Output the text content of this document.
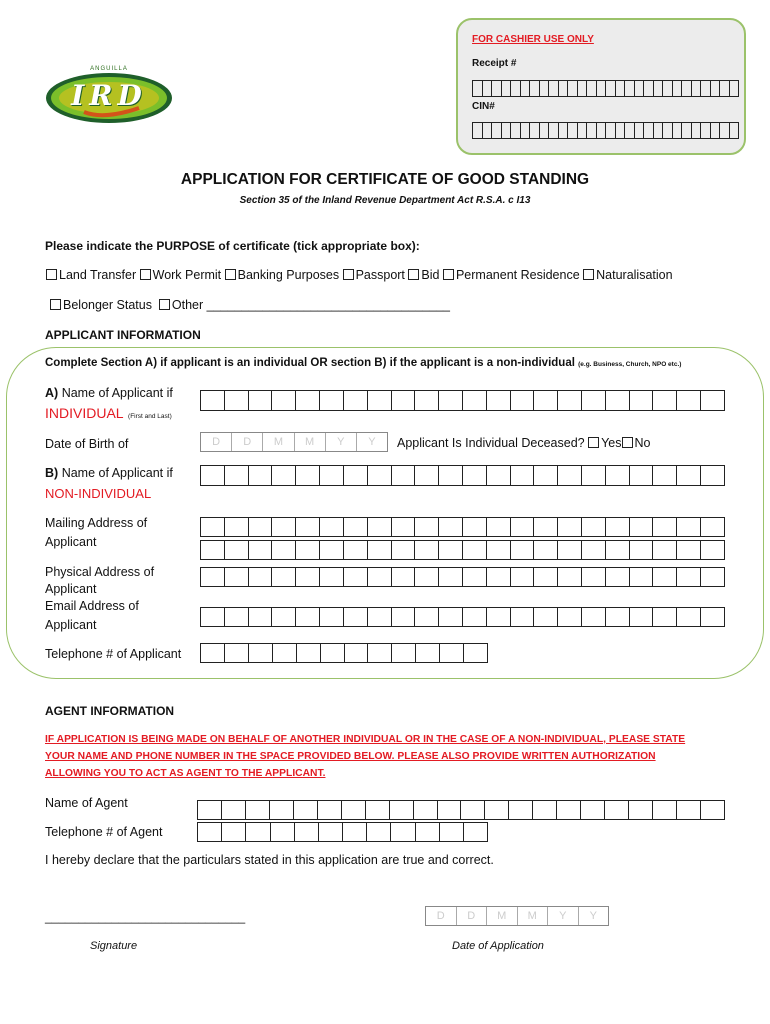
FOR CASHIER USE ONLY
Receipt #
CIN#
IRD
ANGUILLA
APPLICATION FOR CERTIFICATE OF GOOD STANDING
Section 35 of the Inland Revenue Department Act R.S.A. c I13
Please indicate the PURPOSE of certificate (tick appropriate box):
Land Transfer Work Permit Banking Purposes Passport Bid Permanent Residence Naturalisation
Belonger Status Other ___________________________________
APPLICANT INFORMATION
Complete Section A) if applicant is an individual OR section B) if the applicant is a non-individual (e.g. Business, Church, NPO etc.)
A) Name of Applicant if
INDIVIDUAL (First and Last)
Date of Birth of	D	D	M	M	Y	Y	Applicant Is Individual Deceased? Yes No
B) Name of Applicant if
NON-INDIVIDUAL
Mailing Address of
Applicant
Physical Address of
Applicant
Email Address of
Applicant
Telephone # of Applicant
AGENT INFORMATION
IF APPLICATION IS BEING MADE ON BEHALF OF ANOTHER INDIVIDUAL OR IN THE CASE OF A NON-INDIVIDUAL, PLEASE STATE
YOUR NAME AND PHONE NUMBER IN THE SPACE PROVIDED BELOW. PLEASE ALSO PROVIDE WRITTEN AUTHORIZATION
ALLOWING YOU TO ACT AS AGENT TO THE APPLICANT.
Name of Agent
Telephone # of Agent
I hereby declare that the particulars stated in this application are true and correct.
______________________________
Signature
D	D	M	M	Y	Y
Date of Application
